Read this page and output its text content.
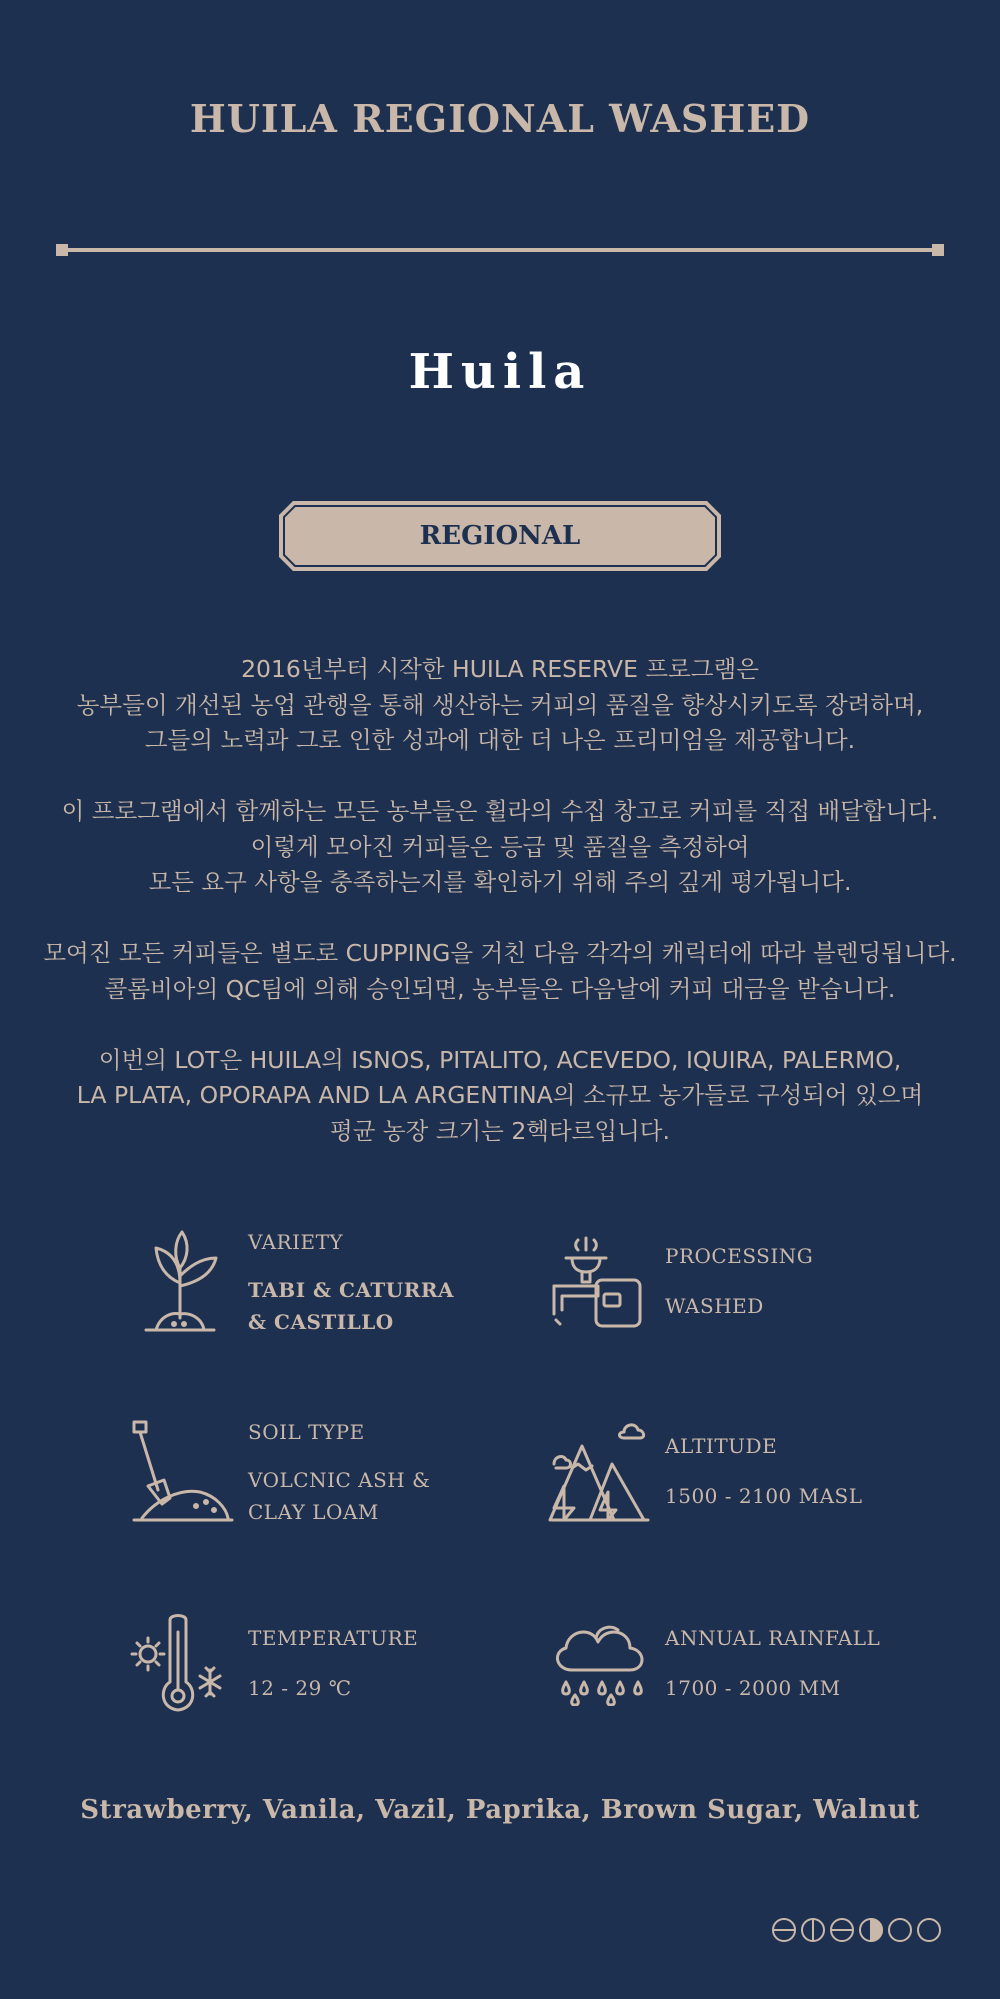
HUILA REGIONAL WASHED
Huila
REGIONAL

2016년부터 시작한 HUILA RESERVE 프로그램은
농부들이 개선된 농업 관행을 통해 생산하는 커피의 품질을 향상시키도록 장려하며,
그들의 노력과 그로 인한 성과에 대한 더 나은 프리미엄을 제공합니다.

이 프로그램에서 함께하는 모든 농부들은 휠라의 수집 창고로 커피를 직접 배달합니다.
이렇게 모아진 커피들은 등급 및 품질을 측정하여
모든 요구 사항을 충족하는지를 확인하기 위해 주의 깊게 평가됩니다.

모여진 모든 커피들은 별도로 CUPPING을 거친 다음 각각의 캐릭터에 따라 블렌딩됩니다.
콜롬비아의 QC팀에 의해 승인되면, 농부들은 다음날에 커피 대금을 받습니다.

이번의 LOT은 HUILA의 ISNOS, PITALITO, ACEVEDO, IQUIRA, PALERMO,
LA PLATA, OPORAPA AND LA ARGENTINA의 소규모 농가들로 구성되어 있으며
평균 농장 크기는 2헥타르입니다.

VARIETY
TABI & CATURRA
& CASTILLO
PROCESSING
WASHED
SOIL TYPE
VOLCNIC ASH &
CLAY LOAM
ALTITUDE
1500 - 2100 MASL
TEMPERATURE
12 - 29 ℃
ANNUAL RAINFALL
1700 - 2000 MM
Strawberry, Vanila, Vazil, Paprika, Brown Sugar, Walnut
